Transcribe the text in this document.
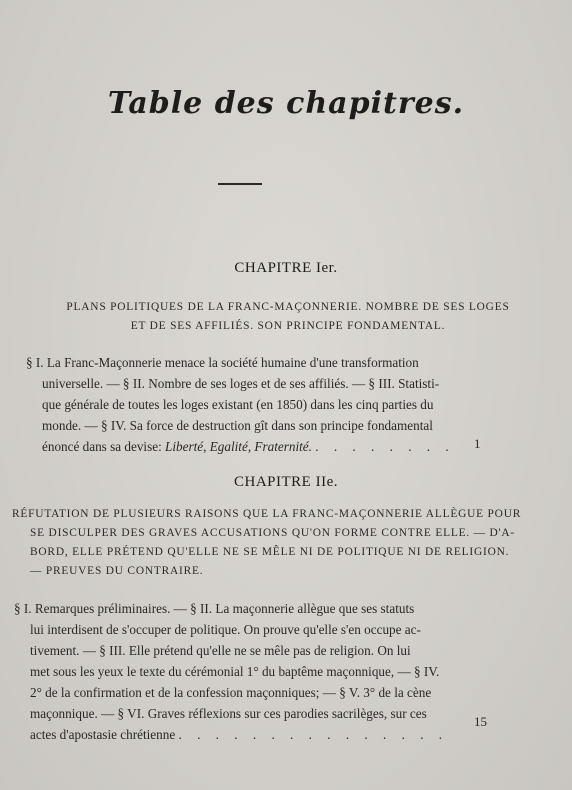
Table des chapitres.
CHAPITRE Ier.
PLANS POLITIQUES DE LA FRANC-MAÇONNERIE. NOMBRE DE SES LOGES
ET DE SES AFFILIÉS. SON PRINCIPE FONDAMENTAL.
§ I. La Franc-Maçonnerie menace la société humaine d'une transformation
universelle. — § II. Nombre de ses loges et de ses affiliés. — § III. Statisti-
que générale de toutes les loges existant (en 1850) dans les cinq parties du
monde. — § IV. Sa force de destruction gît dans son principe fondamental
énoncé dans sa devise: Liberté, Egalité, Fraternité. . . . . . . . . 1
CHAPITRE IIe.
RÉFUTATION DE PLUSIEURS RAISONS QUE LA FRANC-MAÇONNERIE ALLÈGUE POUR
SE DISCULPER DES GRAVES ACCUSATIONS QU'ON FORME CONTRE ELLE. — D'A-
BORD, ELLE PRÉTEND QU'ELLE NE SE MÊLE NI DE POLITIQUE NI DE RELIGION.
— PREUVES DU CONTRAIRE.
§ I. Remarques préliminaires. — § II. La maçonnerie allègue que ses statuts
lui interdisent de s'occuper de politique. On prouve qu'elle s'en occupe ac-
tivement. — § III. Elle prétend qu'elle ne se mêle pas de religion. On lui
met sous les yeux le texte du cérémonial 1° du baptême maçonnique, — § IV.
2° de la confirmation et de la confession maçonniques; — § V. 3° de la cène
maçonnique. — § VI. Graves réflexions sur ces parodies sacrilèges, sur ces
actes d'apostasie chrétienne . . . . . . . . . . . . . . .
15
